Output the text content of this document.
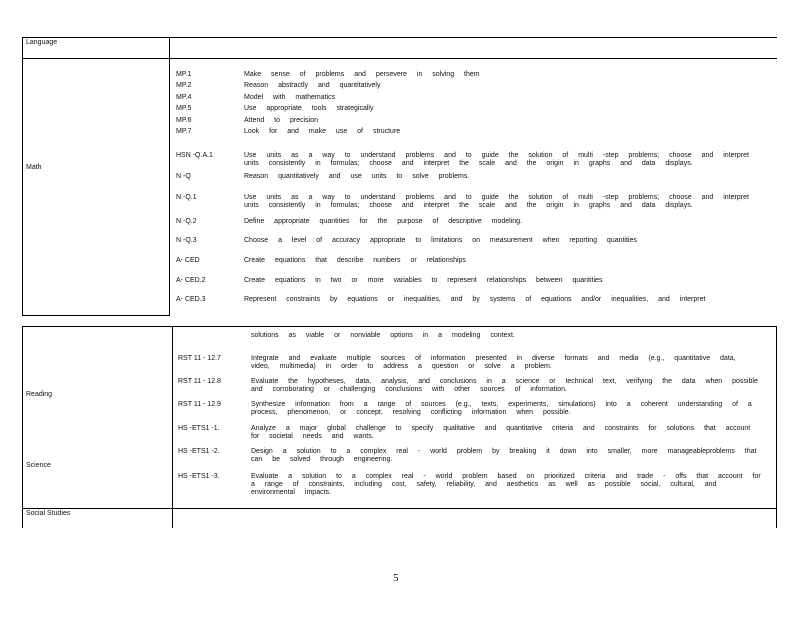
Language
Math
MP.1	Make sense of problems and persevere in solving them
MP.2	Reason abstractly and quantitatively
MP.4	Model with mathematics
MP.5	Use appropriate tools strategically
MP.6	Attend to precision
MP.7	Look for and make use of structure
HSN -Q.A.1	Use units as a way to understand problems and to guide the solution of multi -step problems; choose and interpret units consistently in formulas; choose and interpret the scale and the origin in graphs and data displays.
N -Q	Reason quantitatively and use units to solve problems.
N -Q.1	Use units as a way to understand problems and to guide the solution of multi -step problems; choose and interpret units consistently in formulas; choose and interpret the scale and the origin in graphs and data displays.
N -Q.2	Define appropriate quantities for the purpose of descriptive modeling.
N -Q.3	Choose a level of accuracy appropriate to limitations on measurement when reporting quantities
A- CED	Create equations that describe numbers or relationships
A- CED.2	Create equations in two or more variables to represent relationships between quantities
A- CED.3	Represent constraints by equations or inequalities, and by systems of equations and/or inequalities, and interpret
solutions as viable or nonviable options in a modeling context.
Reading
Science
Social Studies
RST 11 - 12.7	Integrate and evaluate multiple sources of information presented in diverse formats and media (e.g., quantitative data, video, multimedia) in order to address a question or solve a problem.
RST 11 - 12.8	Evaluate the hypotheses, data, analysis, and conclusions in a science or technical text, verifying the data when possible and corroborating or challenging conclusions with other sources of information.
RST 11 - 12.9	Synthesize information from a range of sources (e.g., texts, experiments, simulations) into a coherent understanding of a process, phenomenon, or concept, resolving conflicting information when possible.
HS -ETS1 -1.	Analyze a major global challenge to specify qualitative and quantitative criteria and constraints for solutions that account for societal needs and wants.
HS -ETS1 -2.	Design a solution to a complex real - world problem by breaking it down into smaller, more manageableproblems that can be solved through engineering.
HS -ETS1 -3.	Evaluate a solution to a complex real - world problem based on prioritized criteria and trade - offs that account for a range of constraints, including cost, safety, reliability, and aesthetics as well as possible social, cultural, and environmental impacts.
5
